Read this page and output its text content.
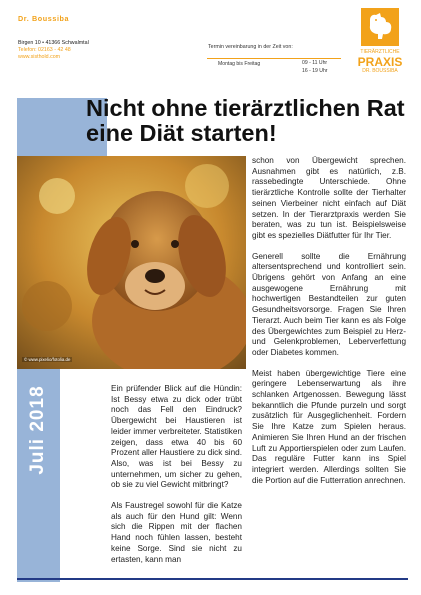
Dr. Boussiba
Birgen 10 • 41366 Schwalmtal
Telefon: 02163 - 42 48
www.sisthold.com
Termin vereinbarung in der Zeit von:
Montag bis Freitag	09 - 11 Uhr
16 - 19 Uhr
TIERÄRZTLICHE
PRAXIS
DR. BOUSSIBA
Nicht ohne tierärztlichen Rat eine Diät starten!
© www.pixelio/fotolia.de
Juli 2018	Ein prüfender Blick auf die Hündin: Ist Bessy etwa zu dick oder trübt noch das Fell den Eindruck? Übergewicht bei Haustieren ist leider immer verbreiteter. Statistiken zeigen, dass etwa 40 bis 60 Prozent aller Haustiere zu dick sind. Also, was ist bei Bessy zu unternehmen, um sicher zu gehen, ob sie zu viel Gewicht mitbringt?

Als Faustregel sowohl für die Katze als auch für den Hund gilt: Wenn sich die Rippen mit der flachen Hand noch fühlen lassen, besteht keine Sorge. Sind sie nicht zu ertasten, kann man

schon von Übergewicht sprechen. Ausnahmen gibt es natürlich, z.B. rassebedingte Unterschiede. Ohne tierärztliche Kontrolle sollte der Tierhalter seinen Vierbeiner nicht einfach auf Diät setzen. In der Tierarztpraxis werden Sie beraten, was zu tun ist. Beispielsweise gibt es spezielles Diätfutter für Ihr Tier.

Generell sollte die Ernährung altersentsprechend und kontrolliert sein. Übrigens gehört von Anfang an eine ausgewogene Ernährung mit hochwertigen Bestandteilen zur guten Gesundheitsvorsorge. Fragen Sie Ihren Tierarzt. Auch beim Tier kann es als Folge des Übergewichtes zum Beispiel zu Herz- und Gelenkproblemen, Leberverfettung oder Diabetes kommen.

Meist haben übergewichtige Tiere eine geringere Lebenserwartung als ihre schlanken Artgenossen. Bewegung lässt bekanntlich die Pfunde purzeln und sorgt zusätzlich für Ausgeglichenheit. Fordern Sie Ihre Katze zum Spielen heraus. Animieren Sie Ihren Hund an der frischen Luft zu Apportierspielen oder zum Laufen. Das reguläre Futter kann ins Spiel integriert werden. Allerdings sollten Sie die Portion auf die Futterration anrechnen.
